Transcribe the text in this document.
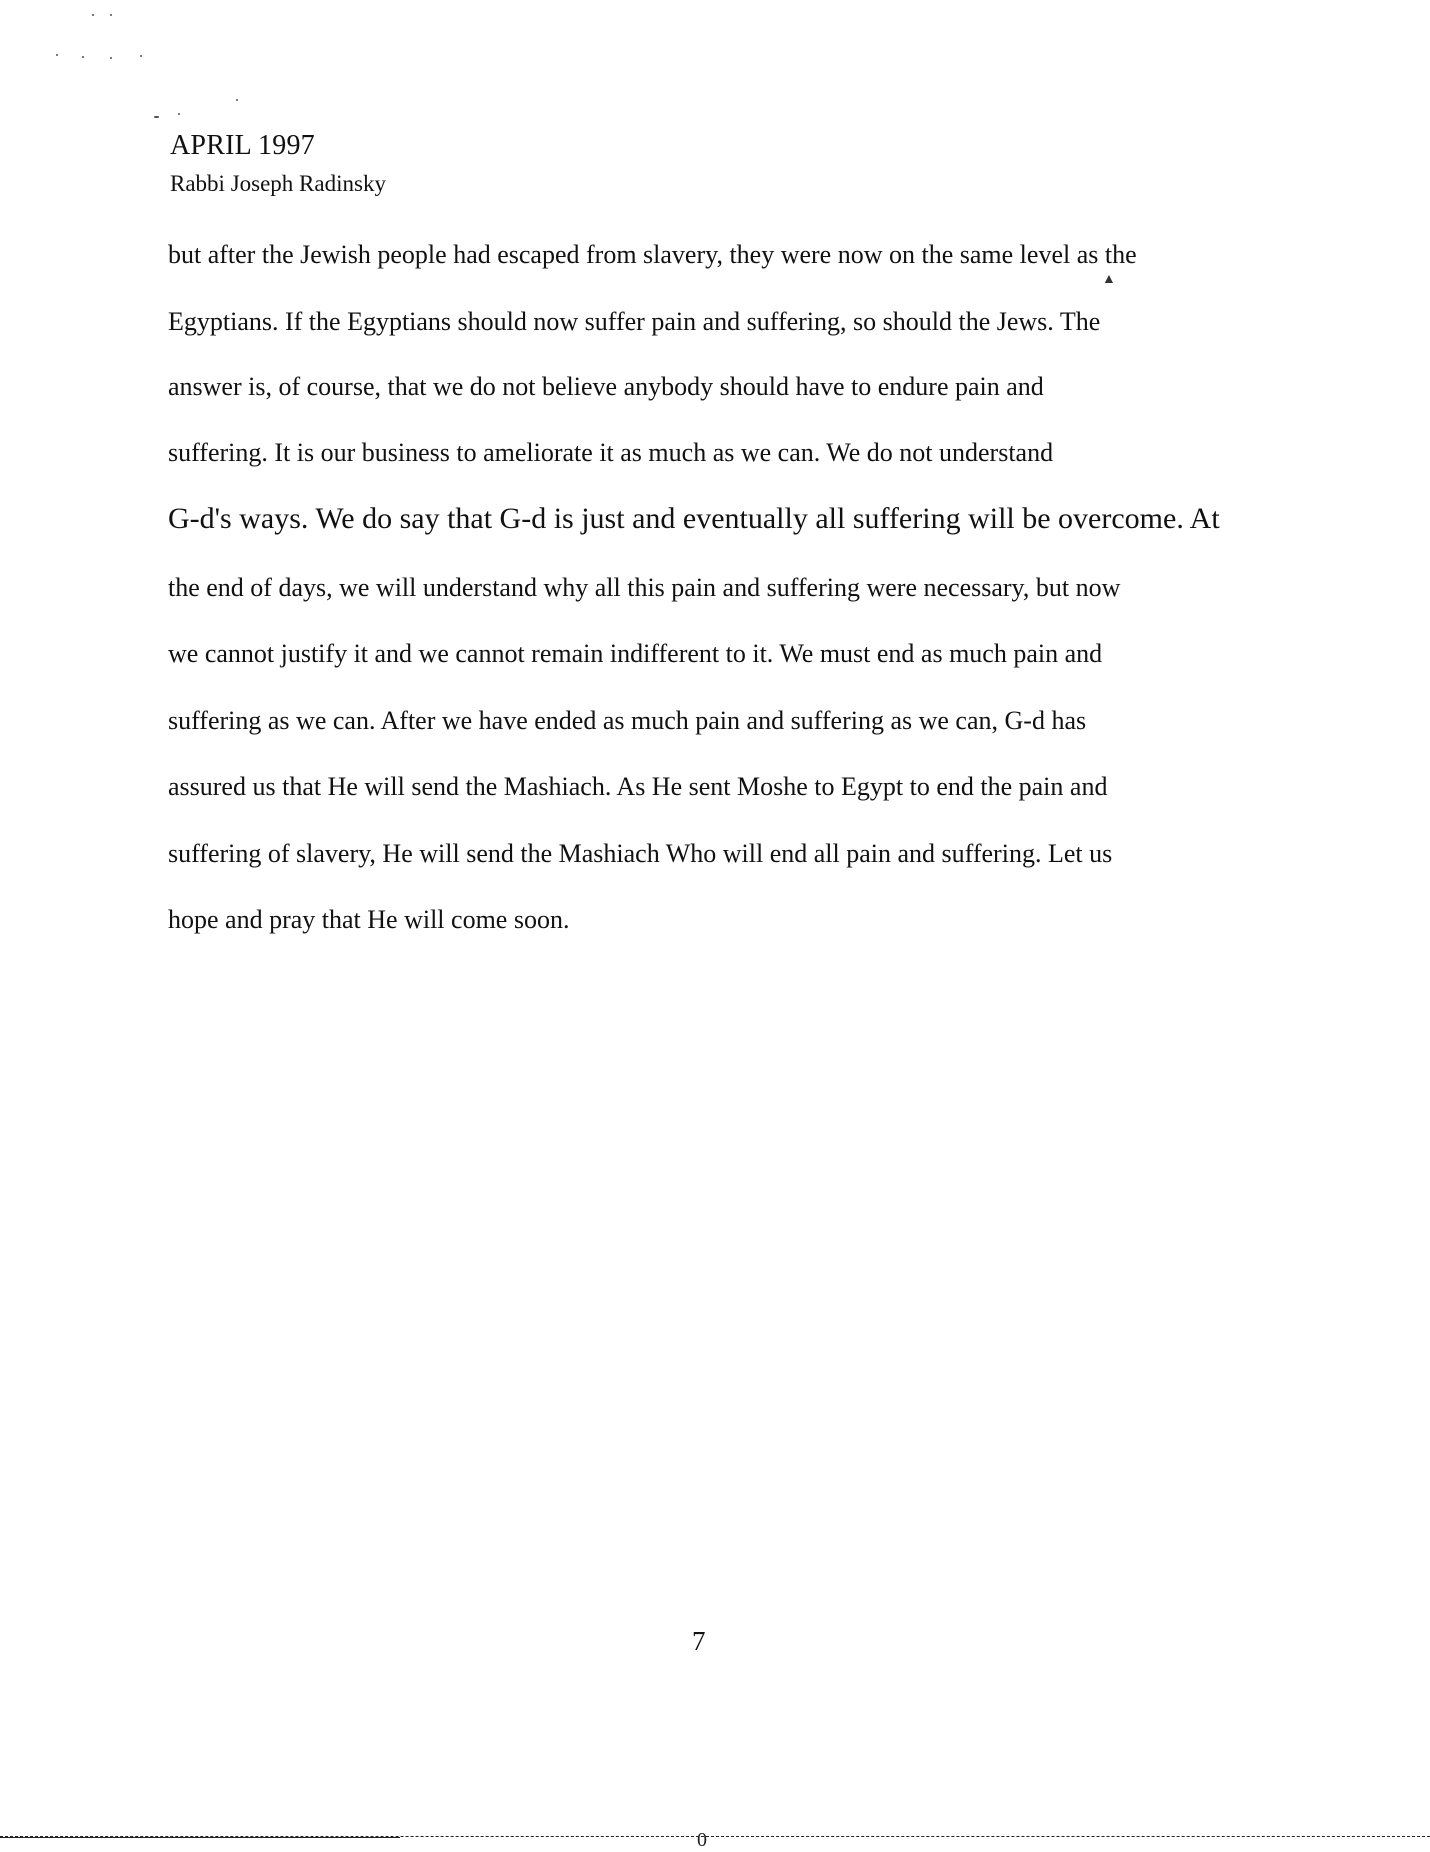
APRIL 1997
Rabbi Joseph Radinsky
but after the Jewish people had escaped from slavery, they were now on the same level as the
Egyptians. If the Egyptians should now suffer pain and suffering, so should the Jews. The
answer is, of course, that we do not believe anybody should have to endure pain and
suffering. It is our business to ameliorate it as much as we can. We do not understand
G-d's ways. We do say that G-d is just and eventually all suffering will be overcome. At
the end of days, we will understand why all this pain and suffering were necessary, but now
we cannot justify it and we cannot remain indifferent to it. We must end as much pain and
suffering as we can. After we have ended as much pain and suffering as we can, G-d has
assured us that He will send the Mashiach. As He sent Moshe to Egypt to end the pain and
suffering of slavery, He will send the Mashiach Who will end all pain and suffering. Let us
hope and pray that He will come soon.
▲
7
0
